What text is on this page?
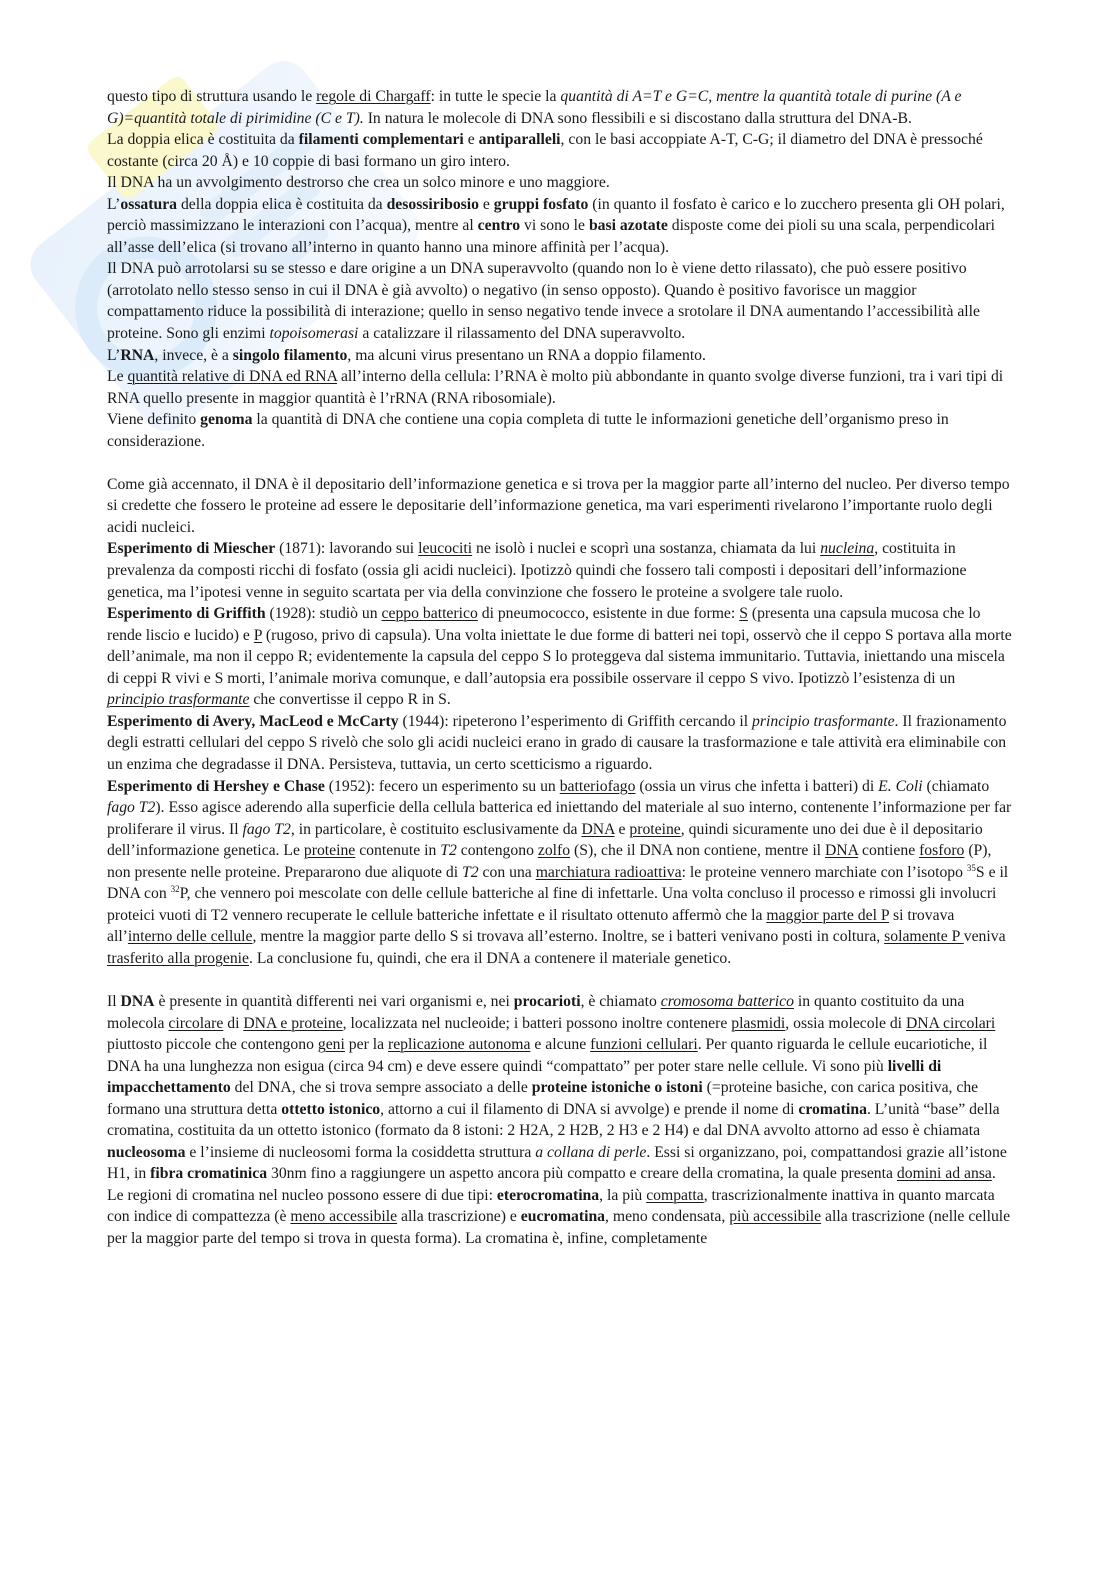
questo tipo di struttura usando le regole di Chargaff: in tutte le specie la quantità di A=T e G=C, mentre la quantità totale di purine (A e G)=quantità totale di pirimidine (C e T). In natura le molecole di DNA sono flessibili e si discostano dalla struttura del DNA-B.

La doppia elica è costituita da filamenti complementari e antiparalleli, con le basi accoppiate A-T, C-G; il diametro del DNA è pressoché costante (circa 20 Å) e 10 coppie di basi formano un giro intero.

Il DNA ha un avvolgimento destrorso che crea un solco minore e uno maggiore.

L’ossatura della doppia elica è costituita da desossiribosio e gruppi fosfato (in quanto il fosfato è carico e lo zucchero presenta gli OH polari, perciò massimizzano le interazioni con l’acqua), mentre al centro vi sono le basi azotate disposte come dei pioli su una scala, perpendicolari all’asse dell’elica (si trovano all’interno in quanto hanno una minore affinità per l’acqua).

Il DNA può arrotolarsi su se stesso e dare origine a un DNA superavvolto (quando non lo è viene detto rilassato), che può essere positivo (arrotolato nello stesso senso in cui il DNA è già avvolto) o negativo (in senso opposto). Quando è positivo favorisce un maggior compattamento riduce la possibilità di interazione; quello in senso negativo tende invece a srotolare il DNA aumentando l’accessibilità alle proteine. Sono gli enzimi topoisomerasi a catalizzare il rilassamento del DNA superavvolto.

L’RNA, invece, è a singolo filamento, ma alcuni virus presentano un RNA a doppio filamento.

Le quantità relative di DNA ed RNA all’interno della cellula: l’RNA è molto più abbondante in quanto svolge diverse funzioni, tra i vari tipi di RNA quello presente in maggior quantità è l’rRNA (RNA ribosomiale).

Viene definito genoma la quantità di DNA che contiene una copia completa di tutte le informazioni genetiche dell’organismo preso in considerazione.

Come già accennato, il DNA è il depositario dell’informazione genetica e si trova per la maggior parte all’interno del nucleo. Per diverso tempo si credette che fossero le proteine ad essere le depositarie dell’informazione genetica, ma vari esperimenti rivelarono l’importante ruolo degli acidi nucleici.

Esperimento di Miescher (1871): lavorando sui leucociti ne isolò i nuclei e scoprì una sostanza, chiamata da lui nucleina, costituita in prevalenza da composti ricchi di fosfato (ossia gli acidi nucleici). Ipotizzò quindi che fossero tali composti i depositari dell’informazione genetica, ma l’ipotesi venne in seguito scartata per via della convinzione che fossero le proteine a svolgere tale ruolo.

Esperimento di Griffith (1928): studiò un ceppo batterico di pneumococco, esistente in due forme: S (presenta una capsula mucosa che lo rende liscio e lucido) e P (rugoso, privo di capsula). Una volta iniettate le due forme di batteri nei topi, osservò che il ceppo S portava alla morte dell’animale, ma non il ceppo R; evidentemente la capsula del ceppo S lo proteggeva dal sistema immunitario. Tuttavia, iniettando una miscela di ceppi R vivi e S morti, l’animale moriva comunque, e dall’autopsia era possibile osservare il ceppo S vivo. Ipotizzò l’esistenza di un principio trasformante che convertisse il ceppo R in S.

Esperimento di Avery, MacLeod e McCarty (1944): ripeterono l’esperimento di Griffith cercando il principio trasformante. Il frazionamento degli estratti cellulari del ceppo S rivelò che solo gli acidi nucleici erano in grado di causare la trasformazione e tale attività era eliminabile con un enzima che degradasse il DNA. Persisteva, tuttavia, un certo scetticismo a riguardo.

Esperimento di Hershey e Chase (1952): fecero un esperimento su un batteriofago (ossia un virus che infetta i batteri) di E. Coli (chiamato fago T2). Esso agisce aderendo alla superficie della cellula batterica ed iniettando del materiale al suo interno, contenente l’informazione per far proliferare il virus. Il fago T2, in particolare, è costituito esclusivamente da DNA e proteine, quindi sicuramente uno dei due è il depositario dell’informazione genetica. Le proteine contenute in T2 contengono zolfo (S), che il DNA non contiene, mentre il DNA contiene fosforo (P), non presente nelle proteine. Prepararono due aliquote di T2 con una marchiatura radioattiva: le proteine vennero marchiate con l’isotopo $^{35}$S e il DNA con $^{32}$P, che vennero poi mescolate con delle cellule batteriche al fine di infettarle. Una volta concluso il processo e rimossi gli involucri proteici vuoti di T2 vennero recuperate le cellule batteriche infettate e il risultato ottenuto affermò che la maggior parte del P si trovava all’interno delle cellule, mentre la maggior parte dello S si trovava all’esterno. Inoltre, se i batteri venivano posti in coltura, solamente P veniva trasferito alla progenie. La conclusione fu, quindi, che era il DNA a contenere il materiale genetico.

Il DNA è presente in quantità differenti nei vari organismi e, nei procarioti, è chiamato cromosoma batterico in quanto costituito da una molecola circolare di DNA e proteine, localizzata nel nucleoide; i batteri possono inoltre contenere plasmidi, ossia molecole di DNA circolari piuttosto piccole che contengono geni per la replicazione autonoma e alcune funzioni cellulari. Per quanto riguarda le cellule eucariotiche, il DNA ha una lunghezza non esigua (circa 94 cm) e deve essere quindi “compattato” per poter stare nelle cellule. Vi sono più livelli di impacchettamento del DNA, che si trova sempre associato a delle proteine istoniche o istoni (=proteine basiche, con carica positiva, che formano una struttura detta ottetto istonico, attorno a cui il filamento di DNA si avvolge) e prende il nome di cromatina. L’unità “base” della cromatina, costituita da un ottetto istonico (formato da 8 istoni: 2 H2A, 2 H2B, 2 H3 e 2 H4) e dal DNA avvolto attorno ad esso è chiamata nucleosoma e l’insieme di nucleosomi forma la cosiddetta struttura a collana di perle. Essi si organizzano, poi, compattandosi grazie all’istone H1, in fibra cromatinica 30nm fino a raggiungere un aspetto ancora più compatto e creare della cromatina, la quale presenta domini ad ansa. Le regioni di cromatina nel nucleo possono essere di due tipi: eterocromatina, la più compatta, trascrizionalmente inattiva in quanto marcata con indice di compattezza (è meno accessibile alla trascrizione) e eucromatina, meno condensata, più accessibile alla trascrizione (nelle cellule per la maggior parte del tempo si trova in questa forma). La cromatina è, infine, completamente
